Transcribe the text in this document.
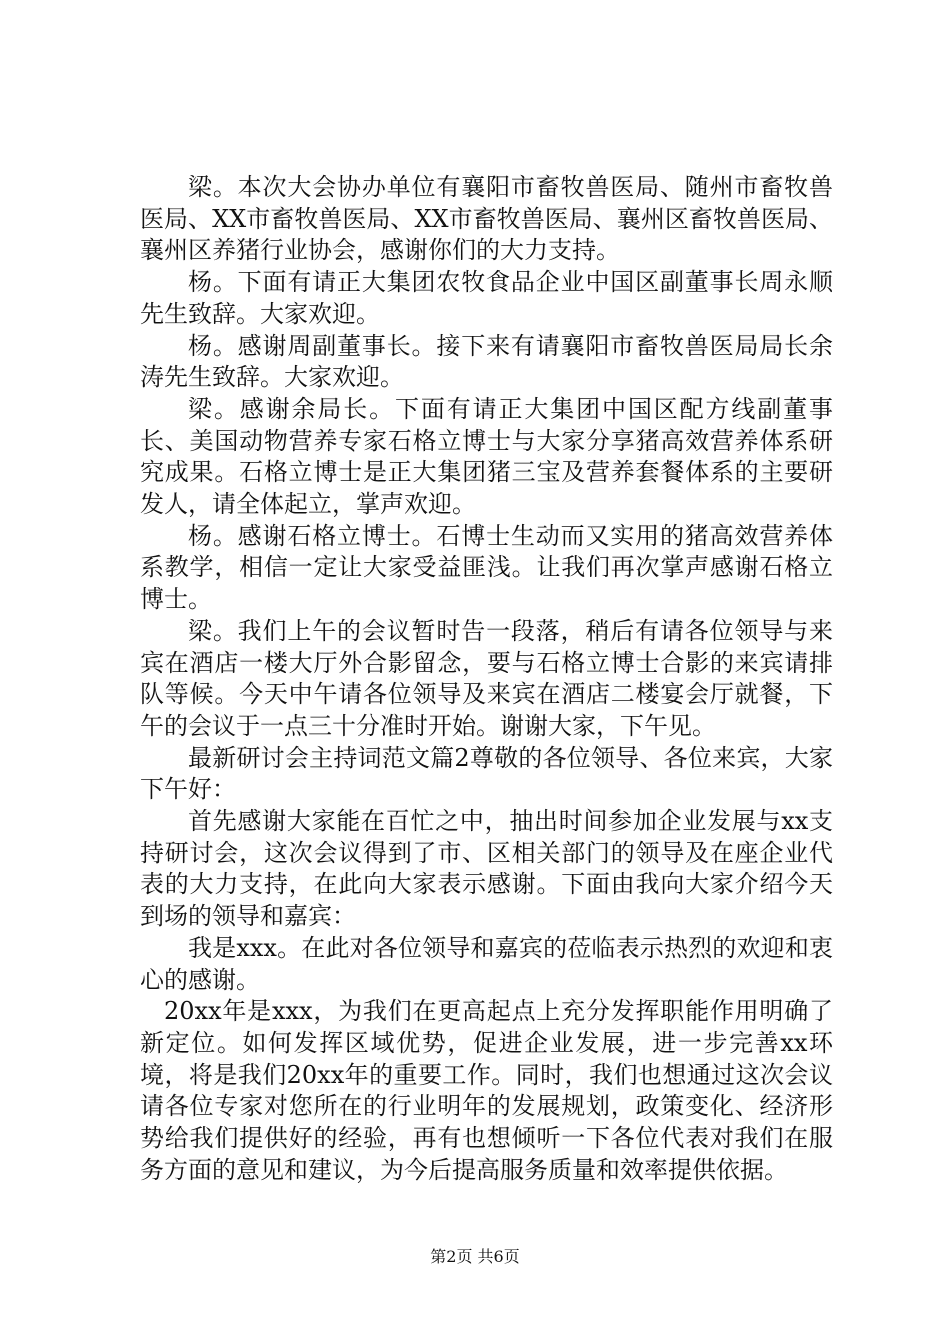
梁。本次大会协办单位有襄阳市畜牧兽医局、随州市畜牧兽医局、XX市畜牧兽医局、XX市畜牧兽医局、襄州区畜牧兽医局、襄州区养猪行业协会，感谢你们的大力支持。

杨。下面有请正大集团农牧食品企业中国区副董事长周永顺先生致辞。大家欢迎。

杨。感谢周副董事长。接下来有请襄阳市畜牧兽医局局长余涛先生致辞。大家欢迎。

梁。感谢余局长。下面有请正大集团中国区配方线副董事长、美国动物营养专家石格立博士与大家分享猪高效营养体系研究成果。石格立博士是正大集团猪三宝及营养套餐体系的主要研发人，请全体起立，掌声欢迎。

杨。感谢石格立博士。石博士生动而又实用的猪高效营养体系教学，相信一定让大家受益匪浅。让我们再次掌声感谢石格立博士。

梁。我们上午的会议暂时告一段落，稍后有请各位领导与来宾在酒店一楼大厅外合影留念，要与石格立博士合影的来宾请排队等候。今天中午请各位领导及来宾在酒店二楼宴会厅就餐，下午的会议于一点三十分准时开始。谢谢大家，下午见。

最新研讨会主持词范文篇2尊敬的各位领导、各位来宾，大家下午好：

首先感谢大家能在百忙之中，抽出时间参加企业发展与xx支持研讨会，这次会议得到了市、区相关部门的领导及在座企业代表的大力支持，在此向大家表示感谢。下面由我向大家介绍今天到场的领导和嘉宾：

我是xxx。在此对各位领导和嘉宾的莅临表示热烈的欢迎和衷心的感谢。

20xx年是xxx，为我们在更高起点上充分发挥职能作用明确了新定位。如何发挥区域优势，促进企业发展，进一步完善xx环境，将是我们20xx年的重要工作。同时，我们也想通过这次会议请各位专家对您所在的行业明年的发展规划，政策变化、经济形势给我们提供好的经验，再有也想倾听一下各位代表对我们在服务方面的意见和建议，为今后提高服务质量和效率提供依据。

第2页 共6页
